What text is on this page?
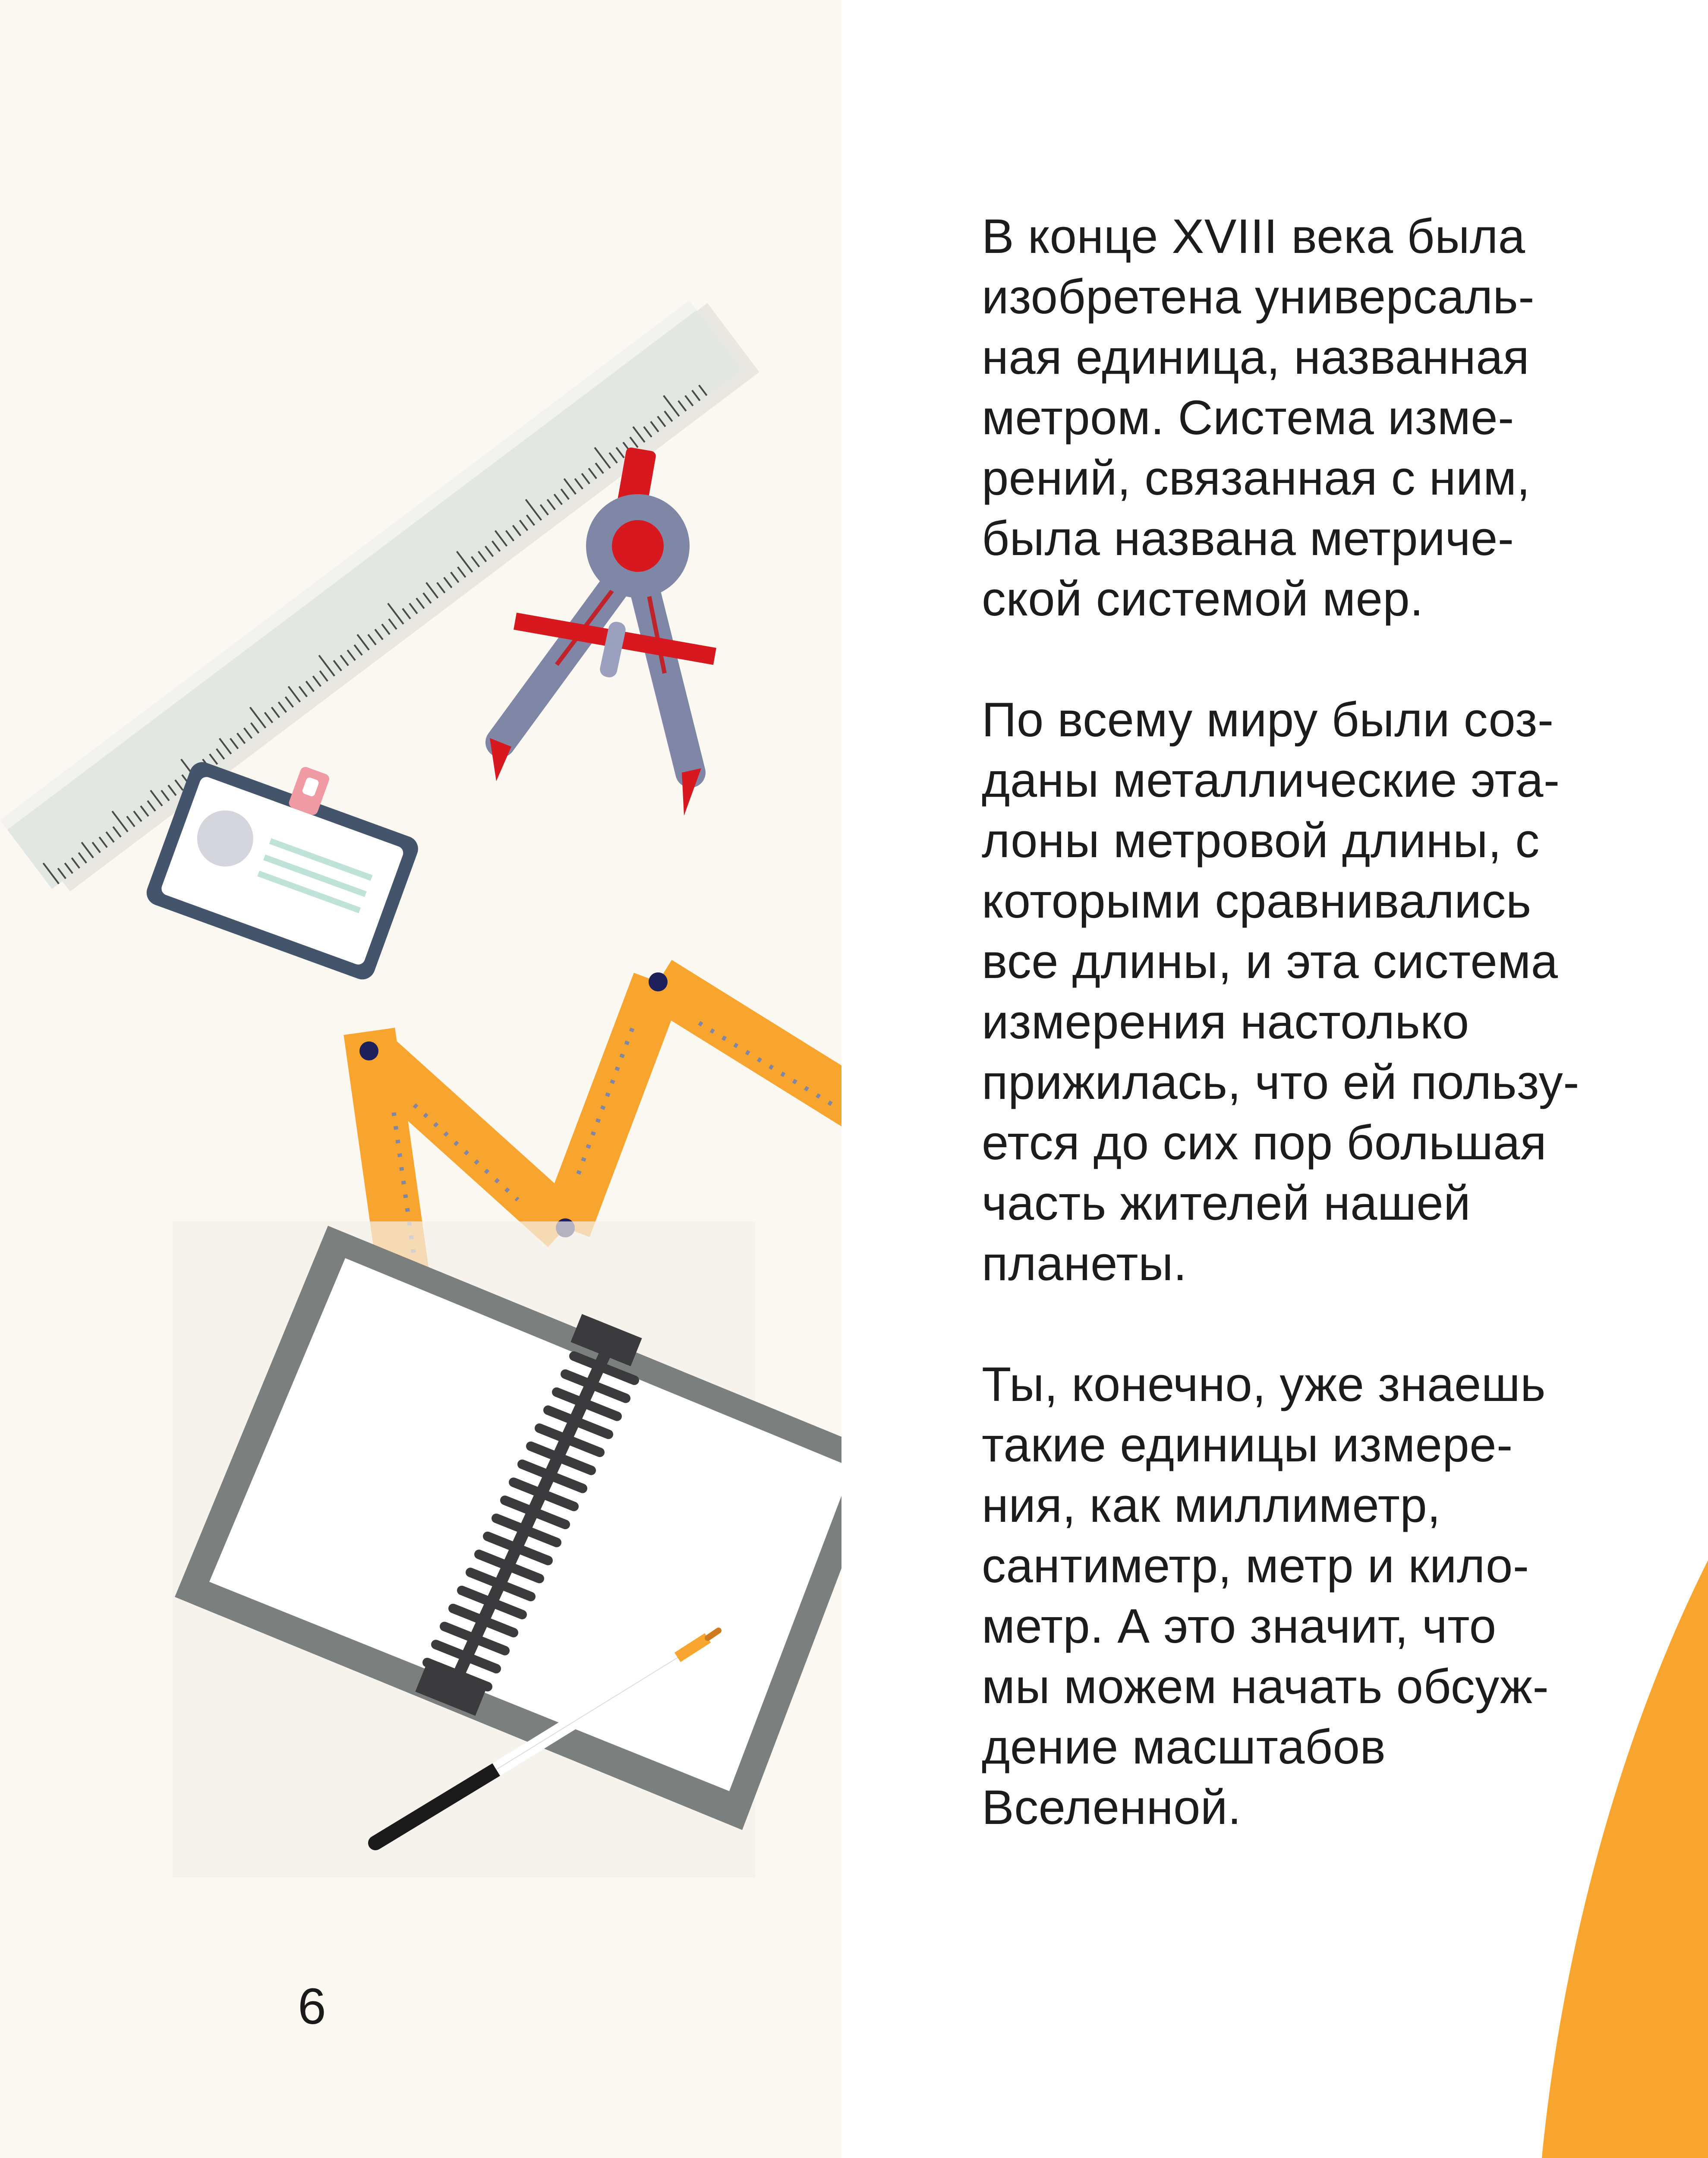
6

В конце XVIII века была
изобретена универсаль-
ная единица, названная
метром. Система изме-
рений, связанная с ним,
была названа метриче-
ской системой мер.

По всему миру были соз-
даны металлические эта-
лоны метровой длины, с
которыми сравнивались
все длины, и эта система
измерения настолько
прижилась, что ей пользу-
ется до сих пор большая
часть жителей нашей
планеты.

Ты, конечно, уже знаешь
такие единицы измере-
ния, как миллиметр,
сантиметр, метр и кило-
метр. А это значит, что
мы можем начать обсуж-
дение масштабов
Вселенной.
